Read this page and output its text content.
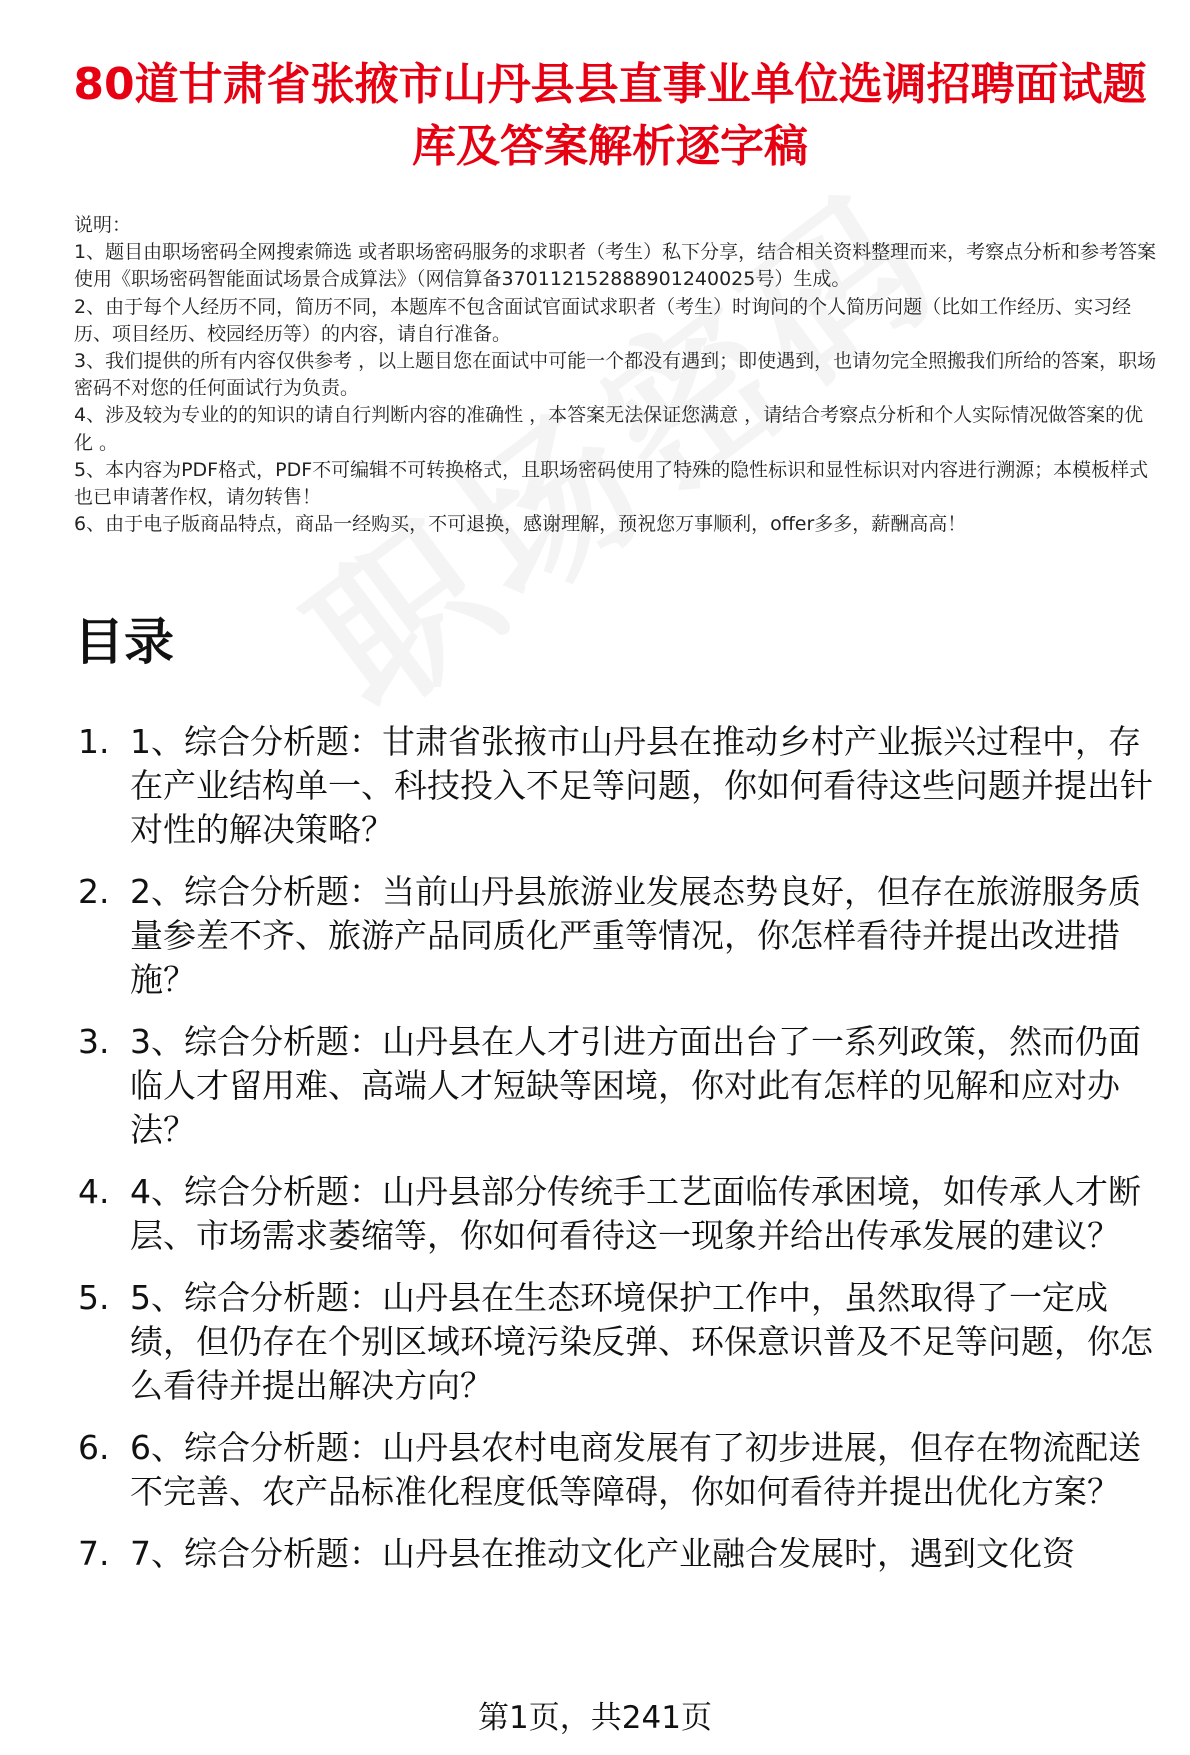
80道甘肃省张掖市山丹县县直事业单位选调招聘面试题库及答案解析逐字稿

说明：

1、题目由职场密码全网搜索筛选 或者职场密码服务的求职者（考生）私下分享，结合相关资料整理而来，考察点分析和参考答案使用《职场密码智能面试场景合成算法》（网信算备370112152888901240025号）生成。

2、由于每个人经历不同，简历不同，本题库不包含面试官面试求职者（考生）时询问的个人简历问题（比如工作经历、实习经历、项目经历、校园经历等）的内容，请自行准备。

3、我们提供的所有内容仅供参考 ，以上题目您在面试中可能一个都没有遇到；即使遇到，也请勿完全照搬我们所给的答案，职场密码不对您的任何面试行为负责。

4、涉及较为专业的的知识的请自行判断内容的准确性 ，本答案无法保证您满意 ，请结合考察点分析和个人实际情况做答案的优化 。

5、本内容为PDF格式，PDF不可编辑不可转换格式，且职场密码使用了特殊的隐性标识和显性标识对内容进行溯源；本模板样式也已申请著作权，请勿转售！

6、由于电子版商品特点，商品一经购买，不可退换，感谢理解，预祝您万事顺利，offer多多，薪酬高高！

目录
1. 1、综合分析题：甘肃省张掖市山丹县在推动乡村产业振兴过程中，存在产业结构单一、科技投入不足等问题，你如何看待这些问题并提出针对性的解决策略？
2. 2、综合分析题：当前山丹县旅游业发展态势良好，但存在旅游服务质量参差不齐、旅游产品同质化严重等情况，你怎样看待并提出改进措施？
3. 3、综合分析题：山丹县在人才引进方面出台了一系列政策，然而仍面临人才留用难、高端人才短缺等困境，你对此有怎样的见解和应对办法？
4. 4、综合分析题：山丹县部分传统手工艺面临传承困境，如传承人才断层、市场需求萎缩等，你如何看待这一现象并给出传承发展的建议？
5. 5、综合分析题：山丹县在生态环境保护工作中，虽然取得了一定成绩，但仍存在个别区域环境污染反弹、环保意识普及不足等问题，你怎么看待并提出解决方向？
6. 6、综合分析题：山丹县农村电商发展有了初步进展，但存在物流配送不完善、农产品标准化程度低等障碍，你如何看待并提出优化方案？
7. 7、综合分析题：山丹县在推动文化产业融合发展时，遇到文化资
第1页，共241页
